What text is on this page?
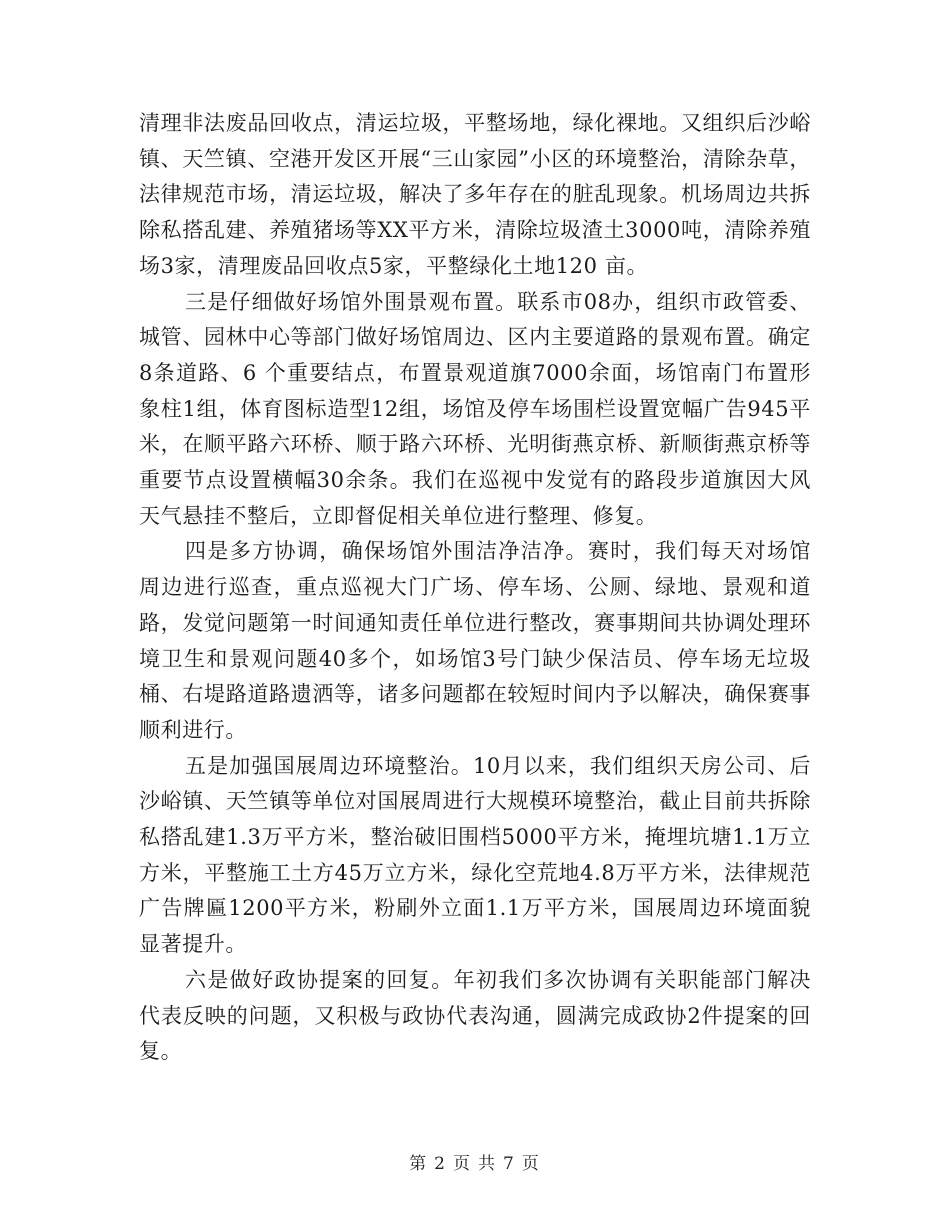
清理非法废品回收点，清运垃圾，平整场地，绿化裸地。又组织后沙峪镇、天竺镇、空港开发区开展“三山家园”小区的环境整治，清除杂草，法律规范市场，清运垃圾，解决了多年存在的脏乱现象。机场周边共拆除私搭乱建、养殖猪场等XX平方米，清除垃圾渣土3000吨，清除养殖场3家，清理废品回收点5家，平整绿化土地120 亩。

三是仔细做好场馆外围景观布置。联系市08办，组织市政管委、城管、园林中心等部门做好场馆周边、区内主要道路的景观布置。确定8条道路、6 个重要结点，布置景观道旗7000余面，场馆南门布置形象柱1组，体育图标造型12组，场馆及停车场围栏设置宽幅广告945平米，在顺平路六环桥、顺于路六环桥、光明街燕京桥、新顺街燕京桥等重要节点设置横幅30余条。我们在巡视中发觉有的路段步道旗因大风天气悬挂不整后，立即督促相关单位进行整理、修复。

四是多方协调，确保场馆外围洁净洁净。赛时，我们每天对场馆周边进行巡查，重点巡视大门广场、停车场、公厕、绿地、景观和道路，发觉问题第一时间通知责任单位进行整改，赛事期间共协调处理环境卫生和景观问题40多个，如场馆3号门缺少保洁员、停车场无垃圾桶、右堤路道路遗洒等，诸多问题都在较短时间内予以解决，确保赛事顺利进行。

五是加强国展周边环境整治。10月以来，我们组织天房公司、后沙峪镇、天竺镇等单位对国展周进行大规模环境整治，截止目前共拆除私搭乱建1.3万平方米，整治破旧围档5000平方米，掩埋坑塘1.1万立方米，平整施工土方45万立方米，绿化空荒地4.8万平方米，法律规范广告牌匾1200平方米，粉刷外立面1.1万平方米，国展周边环境面貌显著提升。

六是做好政协提案的回复。年初我们多次协调有关职能部门解决代表反映的问题，又积极与政协代表沟通，圆满完成政协2件提案的回复。

第 2 页 共 7 页
